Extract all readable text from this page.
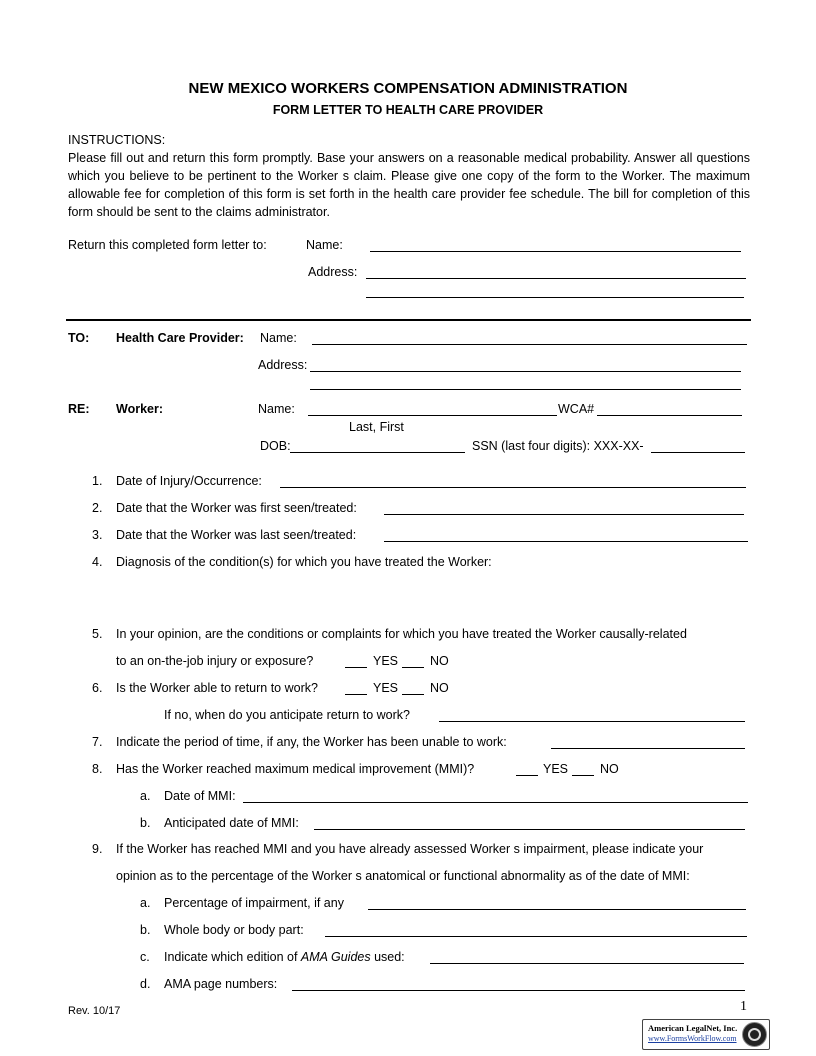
NEW MEXICO WORKERS COMPENSATION ADMINISTRATION
FORM LETTER TO HEALTH CARE PROVIDER
INSTRUCTIONS:
Please fill out and return this form promptly. Base your answers on a reasonable medical probability. Answer all questions which you believe to be pertinent to the Worker s claim. Please give one copy of the form to the Worker. The maximum allowable fee for completion of this form is set forth in the health care provider fee schedule. The bill for completion of this form should be sent to the claims administrator.
Return this completed form letter to:	Name:
Address:
TO: Health Care Provider: Name:
Address:
RE: Worker:	Name:	WCA#
Last, First
DOB:	SSN (last four digits): XXX-XX-
1. Date of Injury/Occurrence:
2. Date that the Worker was first seen/treated:
3. Date that the Worker was last seen/treated:
4. Diagnosis of the condition(s) for which you have treated the Worker:
5. In your opinion, are the conditions or complaints for which you have treated the Worker causally-related
to an on-the-job injury or exposure?	YES	NO
6. Is the Worker able to return to work?	YES	NO
If no, when do you anticipate return to work?
7. Indicate the period of time, if any, the Worker has been unable to work:
8. Has the Worker reached maximum medical improvement (MMI)?	YES	NO
a. Date of MMI:
b. Anticipated date of MMI:
9. If the Worker has reached MMI and you have already assessed Worker s impairment, please indicate your
opinion as to the percentage of the Worker s anatomical or functional abnormality as of the date of MMI:
a. Percentage of impairment, if any
b. Whole body or body part:
c. Indicate which edition of AMA Guides used:
d. AMA page numbers:
Rev. 10/17	1
American LegalNet, Inc.
www.FormsWorkFlow.com
